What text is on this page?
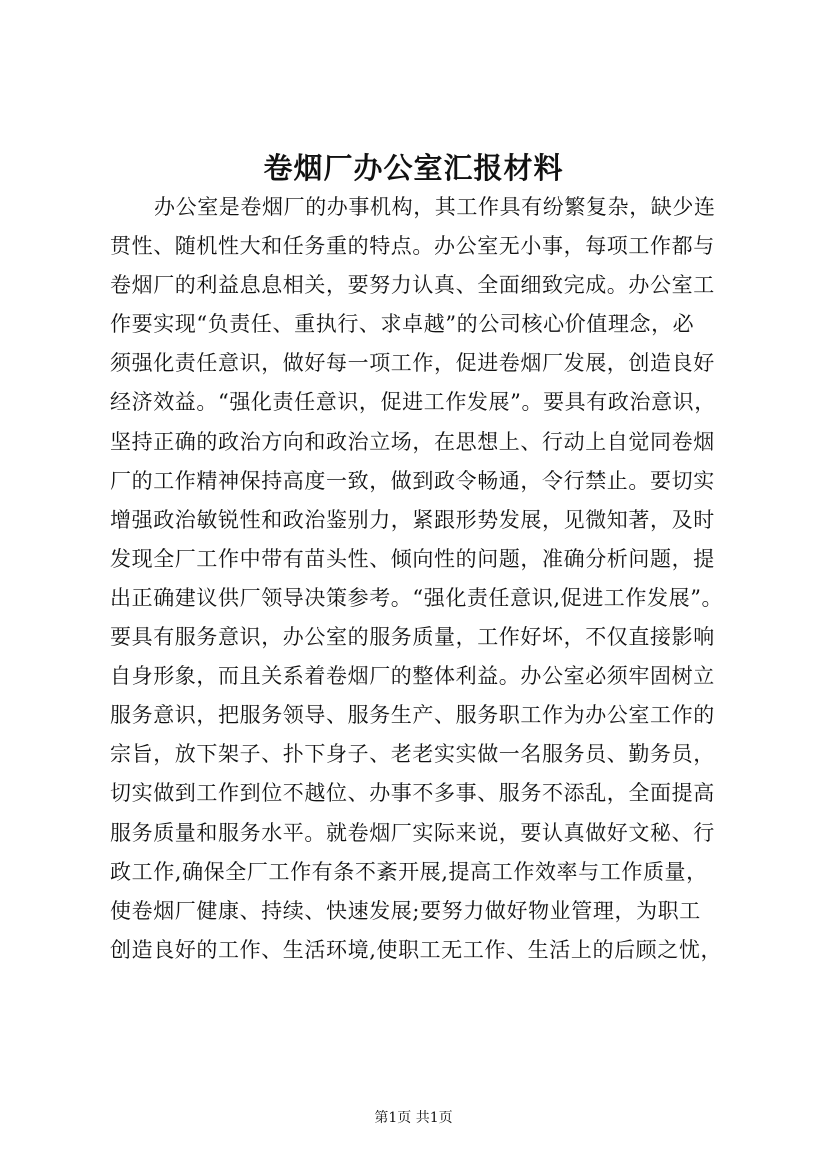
卷烟厂办公室汇报材料
办公室是卷烟厂的办事机构，其工作具有纷繁复杂，缺少连
贯性、随机性大和任务重的特点。办公室无小事，每项工作都与
卷烟厂的利益息息相关，要努力认真、全面细致完成。办公室工
作要实现“负责任、重执行、求卓越”的公司核心价值理念，必
须强化责任意识，做好每一项工作，促进卷烟厂发展，创造良好
经济效益。“强化责任意识，促进工作发展”。要具有政治意识，
坚持正确的政治方向和政治立场，在思想上、行动上自觉同卷烟
厂的工作精神保持高度一致，做到政令畅通，令行禁止。要切实
增强政治敏锐性和政治鉴别力，紧跟形势发展，见微知著，及时
发现全厂工作中带有苗头性、倾向性的问题，准确分析问题，提
出正确建议供厂领导决策参考。“强化责任意识,促进工作发展”。
要具有服务意识，办公室的服务质量，工作好坏，不仅直接影响
自身形象，而且关系着卷烟厂的整体利益。办公室必须牢固树立
服务意识，把服务领导、服务生产、服务职工作为办公室工作的
宗旨，放下架子、扑下身子、老老实实做一名服务员、勤务员，
切实做到工作到位不越位、办事不多事、服务不添乱，全面提高
服务质量和服务水平。就卷烟厂实际来说，要认真做好文秘、行
政工作,确保全厂工作有条不紊开展,提高工作效率与工作质量，
使卷烟厂健康、持续、快速发展;要努力做好物业管理，为职工
创造良好的工作、生活环境,使职工无工作、生活上的后顾之忧，
第1页 共1页
